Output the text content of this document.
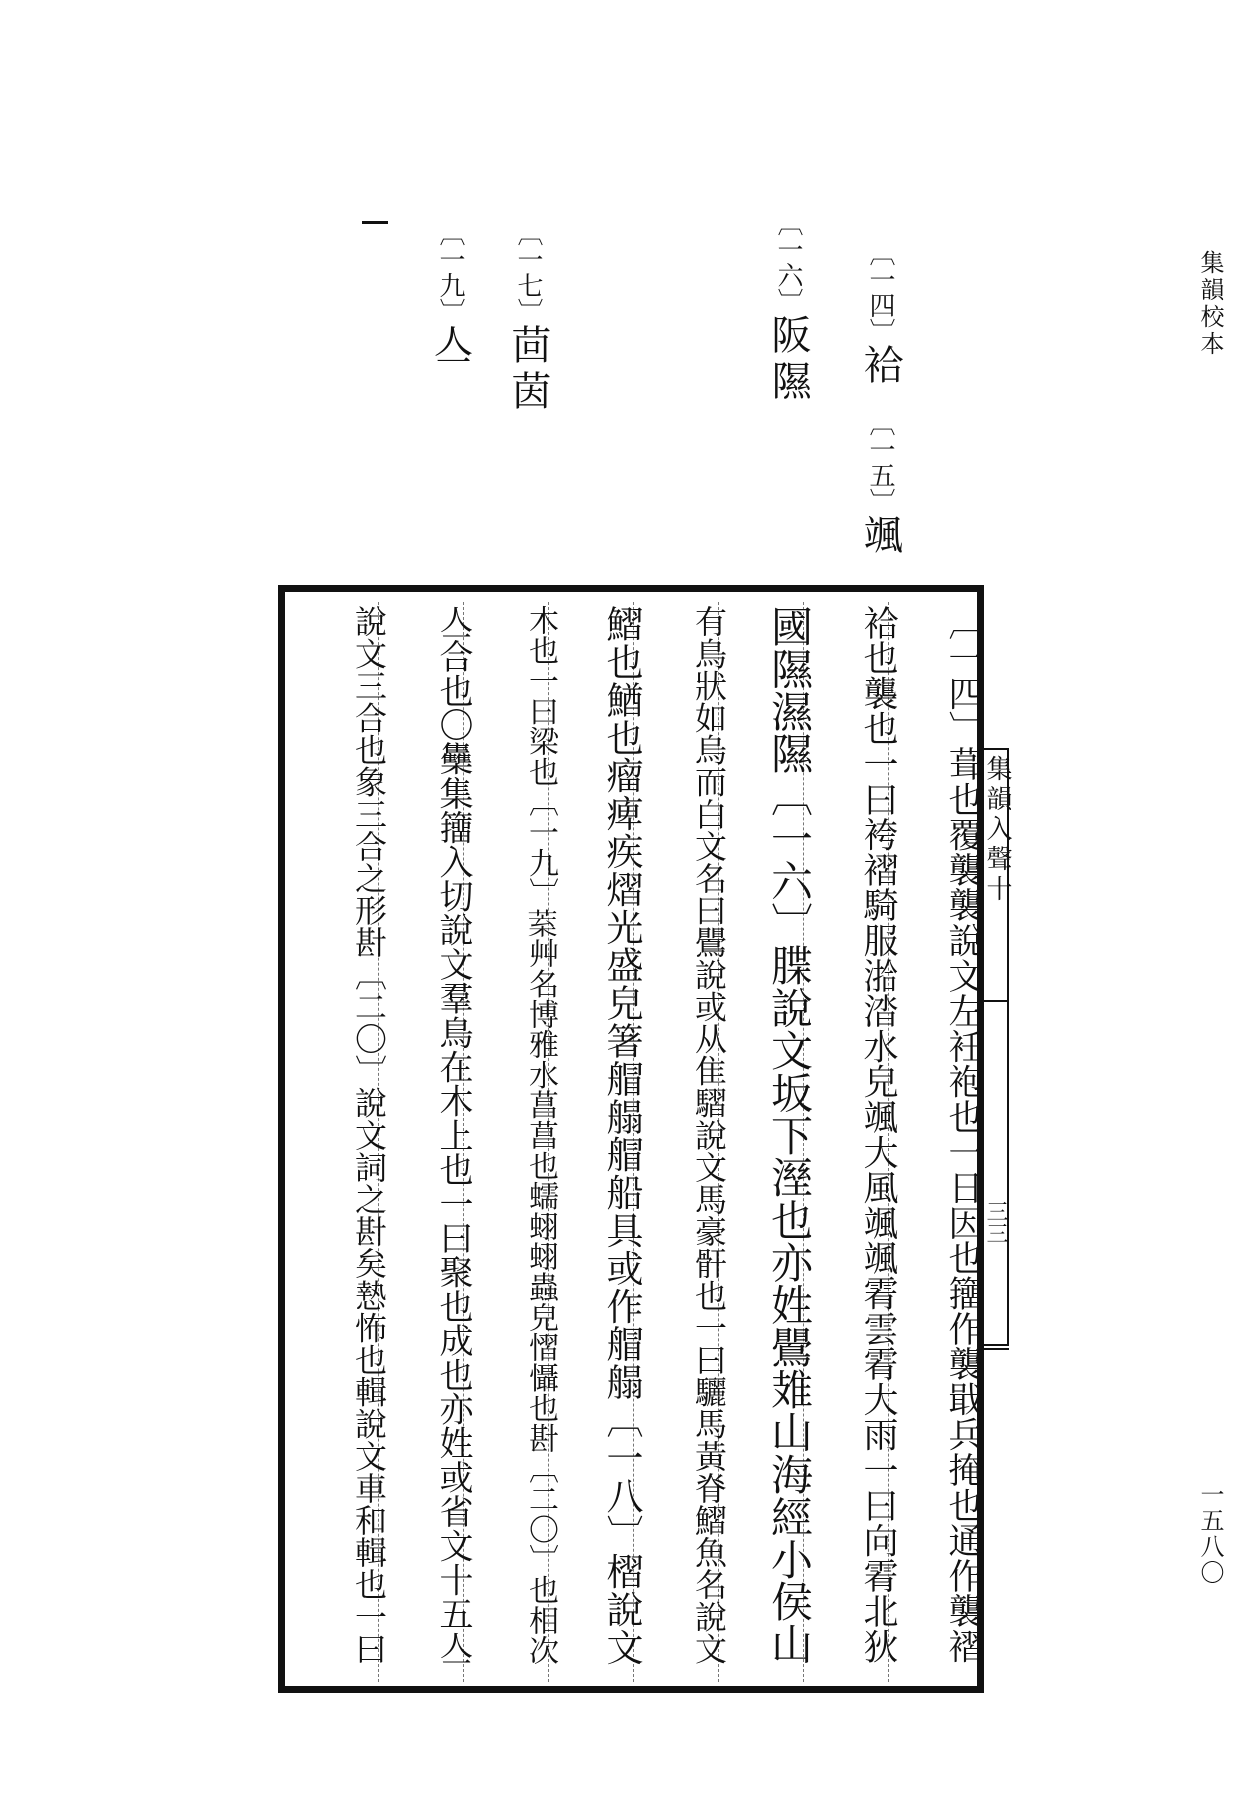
集韻校本
一五八〇
〔一四〕袷
〔一五〕颯
〔一六〕阪隰
〔一七〕茴茵
〔一九〕亼
集韻入聲十
三三
〔一四〕葺也覆襲襲說文左衽袍也一日因也籒作襲戢兵掩也通作襲褶
袷也襲也一曰袴褶騎服湁涾水皃颯大風颯颯䨖雲䨖大雨一曰向䨖北狄
國隰濕隰〔一六〕䐑說文坂下溼也亦姓鷪䧴山海經小侯山
有鳥狀如烏而白文名曰鷪說或从隹騽說文馬豪骭也一曰驪馬黃脊鰼魚名說文
鰼也鰌也瘤痺疾熠光盛皃箸艒䑽艒船具或作艒䑽〔一八〕槢說文
木也一曰梁也〔一九〕𦯧艸名博雅水菖菖也蠕蛡蛡蟲皃慴懾也卙〔二〇〕也相次
亼合也〇雧集籒入切說文羣鳥在木上也一曰聚也成也亦姓或省文十五亼
說文三合也象三合之形卙〔二〇〕說文詞之卙矣慹怖也輯說文車和輯也一曰
